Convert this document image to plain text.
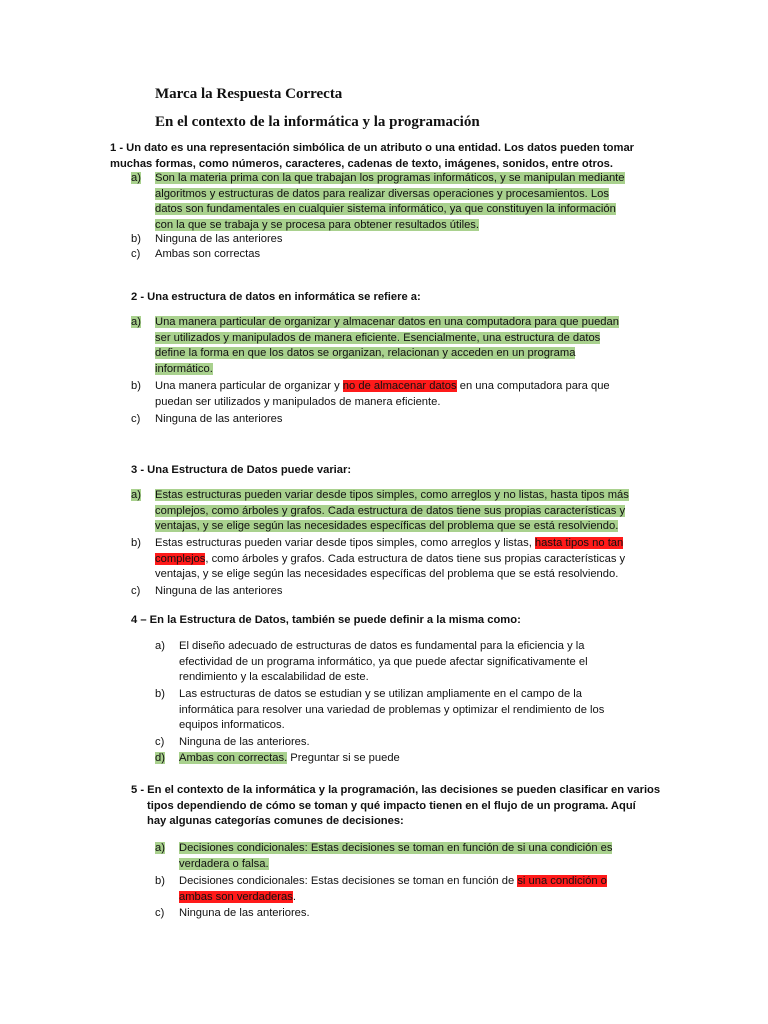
Marca la Respuesta Correcta
En el contexto de la informática y la programación
1 - Un dato es una representación simbólica de un atributo o una entidad. Los datos pueden tomar
muchas formas, como números, caracteres, cadenas de texto, imágenes, sonidos, entre otros.
a) Son la materia prima con la que trabajan los programas informáticos, y se manipulan mediante
algoritmos y estructuras de datos para realizar diversas operaciones y procesamientos. Los
datos son fundamentales en cualquier sistema informático, ya que constituyen la información
con la que se trabaja y se procesa para obtener resultados útiles.
b) Ninguna de las anteriores
c) Ambas son correctas
2 - Una estructura de datos en informática se refiere a:
a) Una manera particular de organizar y almacenar datos en una computadora para que puedan
ser utilizados y manipulados de manera eficiente. Esencialmente, una estructura de datos
define la forma en que los datos se organizan, relacionan y acceden en un programa
informático.
b) Una manera particular de organizar y no de almacenar datos en una computadora para que
puedan ser utilizados y manipulados de manera eficiente.
c) Ninguna de las anteriores
3 - Una Estructura de Datos puede variar:
a) Estas estructuras pueden variar desde tipos simples, como arreglos y no listas, hasta tipos más
complejos, como árboles y grafos. Cada estructura de datos tiene sus propias características y
ventajas, y se elige según las necesidades específicas del problema que se está resolviendo.
b) Estas estructuras pueden variar desde tipos simples, como arreglos y listas, hasta tipos no tan
complejos, como árboles y grafos. Cada estructura de datos tiene sus propias características y
ventajas, y se elige según las necesidades específicas del problema que se está resolviendo.
c) Ninguna de las anteriores
4 – En la Estructura de Datos, también se puede definir a la misma como:
a) El diseño adecuado de estructuras de datos es fundamental para la eficiencia y la
efectividad de un programa informático, ya que puede afectar significativamente el
rendimiento y la escalabilidad de este.
b) Las estructuras de datos se estudian y se utilizan ampliamente en el campo de la
informática para resolver una variedad de problemas y optimizar el rendimiento de los
equipos informaticos.
c) Ninguna de las anteriores.
d) Ambas con correctas. Preguntar si se puede
5 - En el contexto de la informática y la programación, las decisiones se pueden clasificar en varios
tipos dependiendo de cómo se toman y qué impacto tienen en el flujo de un programa. Aquí
hay algunas categorías comunes de decisiones:
a) Decisiones condicionales: Estas decisiones se toman en función de si una condición es
verdadera o falsa.
b) Decisiones condicionales: Estas decisiones se toman en función de si una condición o
ambas son verdaderas.
c) Ninguna de las anteriores.
